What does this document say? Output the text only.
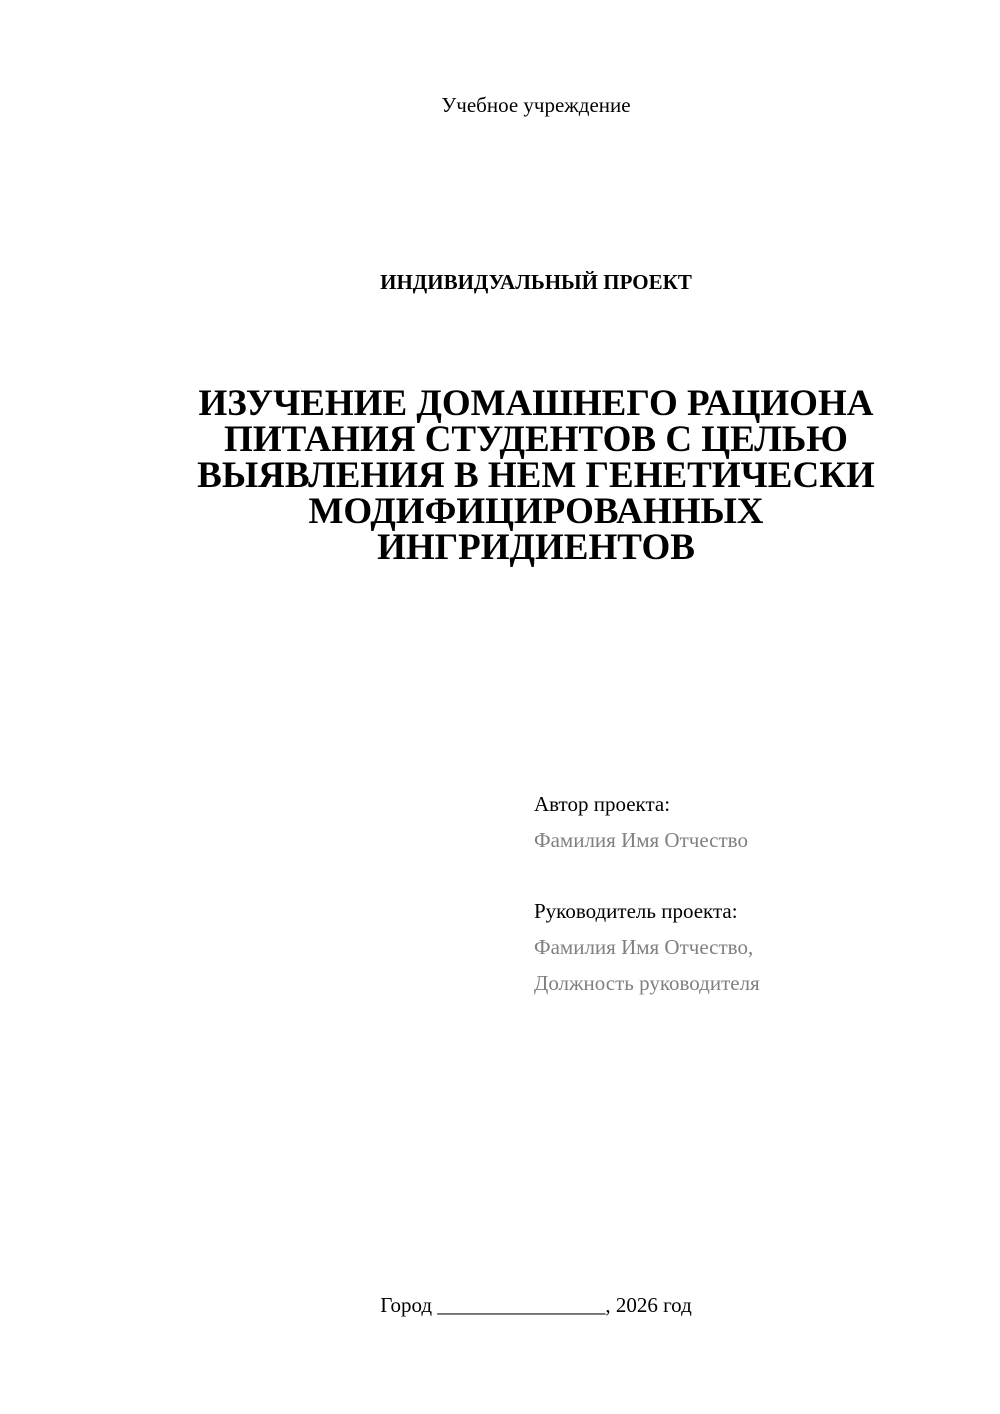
Учебное учреждение
ИНДИВИДУАЛЬНЫЙ ПРОЕКТ
ИЗУЧЕНИЕ ДОМАШНЕГО РАЦИОНА
ПИТАНИЯ СТУДЕНТОВ С ЦЕЛЬЮ
ВЫЯВЛЕНИЯ В НЕМ ГЕНЕТИЧЕСКИ
МОДИФИЦИРОВАННЫХ
ИНГРИДИЕНТОВ
Автор проекта:
Фамилия Имя Отчество
Руководитель проекта:
Фамилия Имя Отчество,
Должность руководителя
Город ________________, 2026 год
